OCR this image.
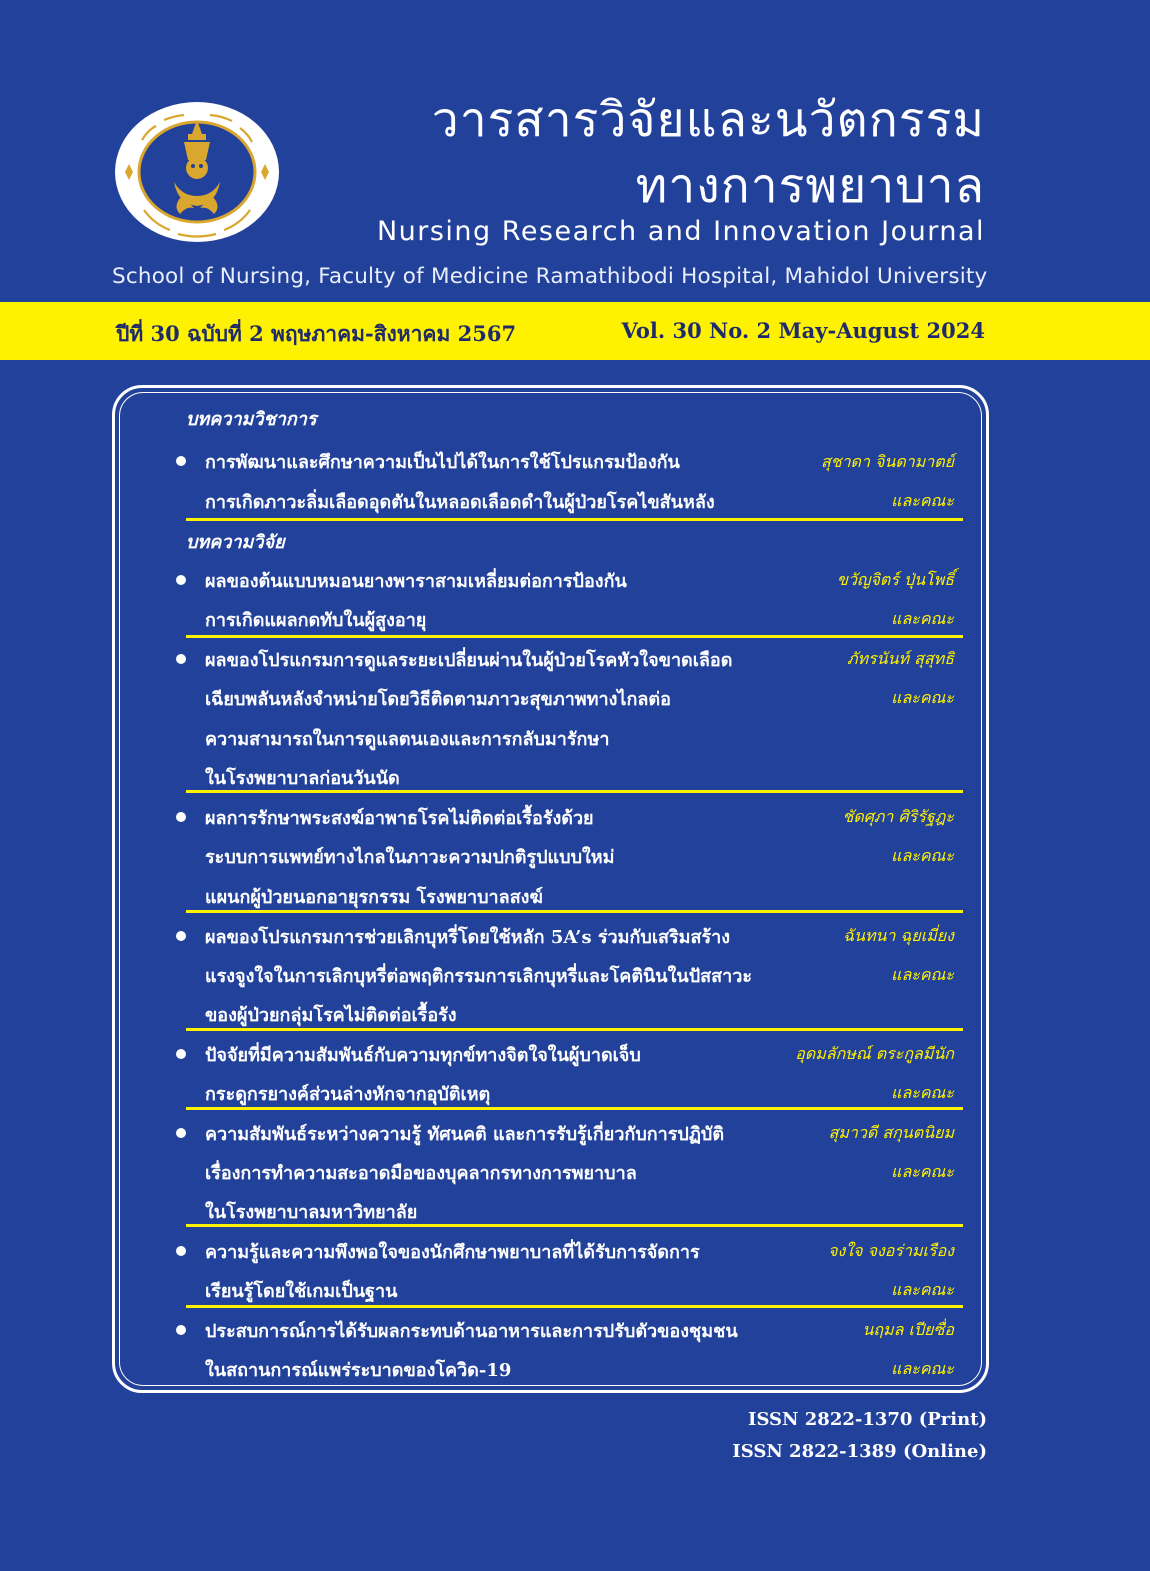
วารสารวิจัยและนวัตกรรม
ทางการพยาบาล
Nursing Research and Innovation Journal
School of Nursing, Faculty of Medicine Ramathibodi Hospital, Mahidol University
ปีที่ 30 ฉบับที่ 2 พฤษภาคม-สิงหาคม 2567	Vol. 30 No. 2 May-August 2024
บทความวิชาการ
การพัฒนาและศึกษาความเป็นไปได้ในการใช้โปรแกรมป้องกัน
การเกิดภาวะลิ่มเลือดอุดตันในหลอดเลือดดำในผู้ป่วยโรคไขสันหลัง
สุชาดา จินดามาตย์
และคณะ
บทความวิจัย
ผลของต้นแบบหมอนยางพาราสามเหลี่ยมต่อการป้องกัน
การเกิดแผลกดทับในผู้สูงอายุ
ขวัญจิตร์ ปุ่นโพธิ์
และคณะ
ผลของโปรแกรมการดูแลระยะเปลี่ยนผ่านในผู้ป่วยโรคหัวใจขาดเลือด
เฉียบพลันหลังจำหน่ายโดยวิธีติดตามภาวะสุขภาพทางไกลต่อ
ความสามารถในการดูแลตนเองและการกลับมารักษา
ในโรงพยาบาลก่อนวันนัด
ภัทรนันท์ สุสุทธิ
และคณะ
ผลการรักษาพระสงฆ์อาพาธโรคไม่ติดต่อเรื้อรังด้วย
ระบบการแพทย์ทางไกลในภาวะความปกติรูปแบบใหม่
แผนกผู้ป่วยนอกอายุรกรรม โรงพยาบาลสงฆ์
ชัดศุภา ศิริรัฐฎะ
และคณะ
ผลของโปรแกรมการช่วยเลิกบุหรี่โดยใช้หลัก 5A’s ร่วมกับเสริมสร้าง
แรงจูงใจในการเลิกบุหรี่ต่อพฤติกรรมการเลิกบุหรี่และโคตินินในปัสสาวะ
ของผู้ป่วยกลุ่มโรคไม่ติดต่อเรื้อรัง
ฉันทนา ฉุยเมี่ยง
และคณะ
ปัจจัยที่มีความสัมพันธ์กับความทุกข์ทางจิตใจในผู้บาดเจ็บ
กระดูกรยางค์ส่วนล่างหักจากอุบัติเหตุ
อุดมลักษณ์ ตระกูลมีนัก
และคณะ
ความสัมพันธ์ระหว่างความรู้ ทัศนคติ และการรับรู้เกี่ยวกับการปฏิบัติ
เรื่องการทำความสะอาดมือของบุคลากรทางการพยาบาล
ในโรงพยาบาลมหาวิทยาลัย
สุมาวดี สกุนตนิยม
และคณะ
ความรู้และความพึงพอใจของนักศึกษาพยาบาลที่ได้รับการจัดการ
เรียนรู้โดยใช้เกมเป็นฐาน
จงใจ จงอร่ามเรือง
และคณะ
ประสบการณ์การได้รับผลกระทบด้านอาหารและการปรับตัวของชุมชน
ในสถานการณ์แพร่ระบาดของโควิด-19
นฤมล เปียซื่อ
และคณะ
ISSN 2822-1370 (Print)
ISSN 2822-1389 (Online)
